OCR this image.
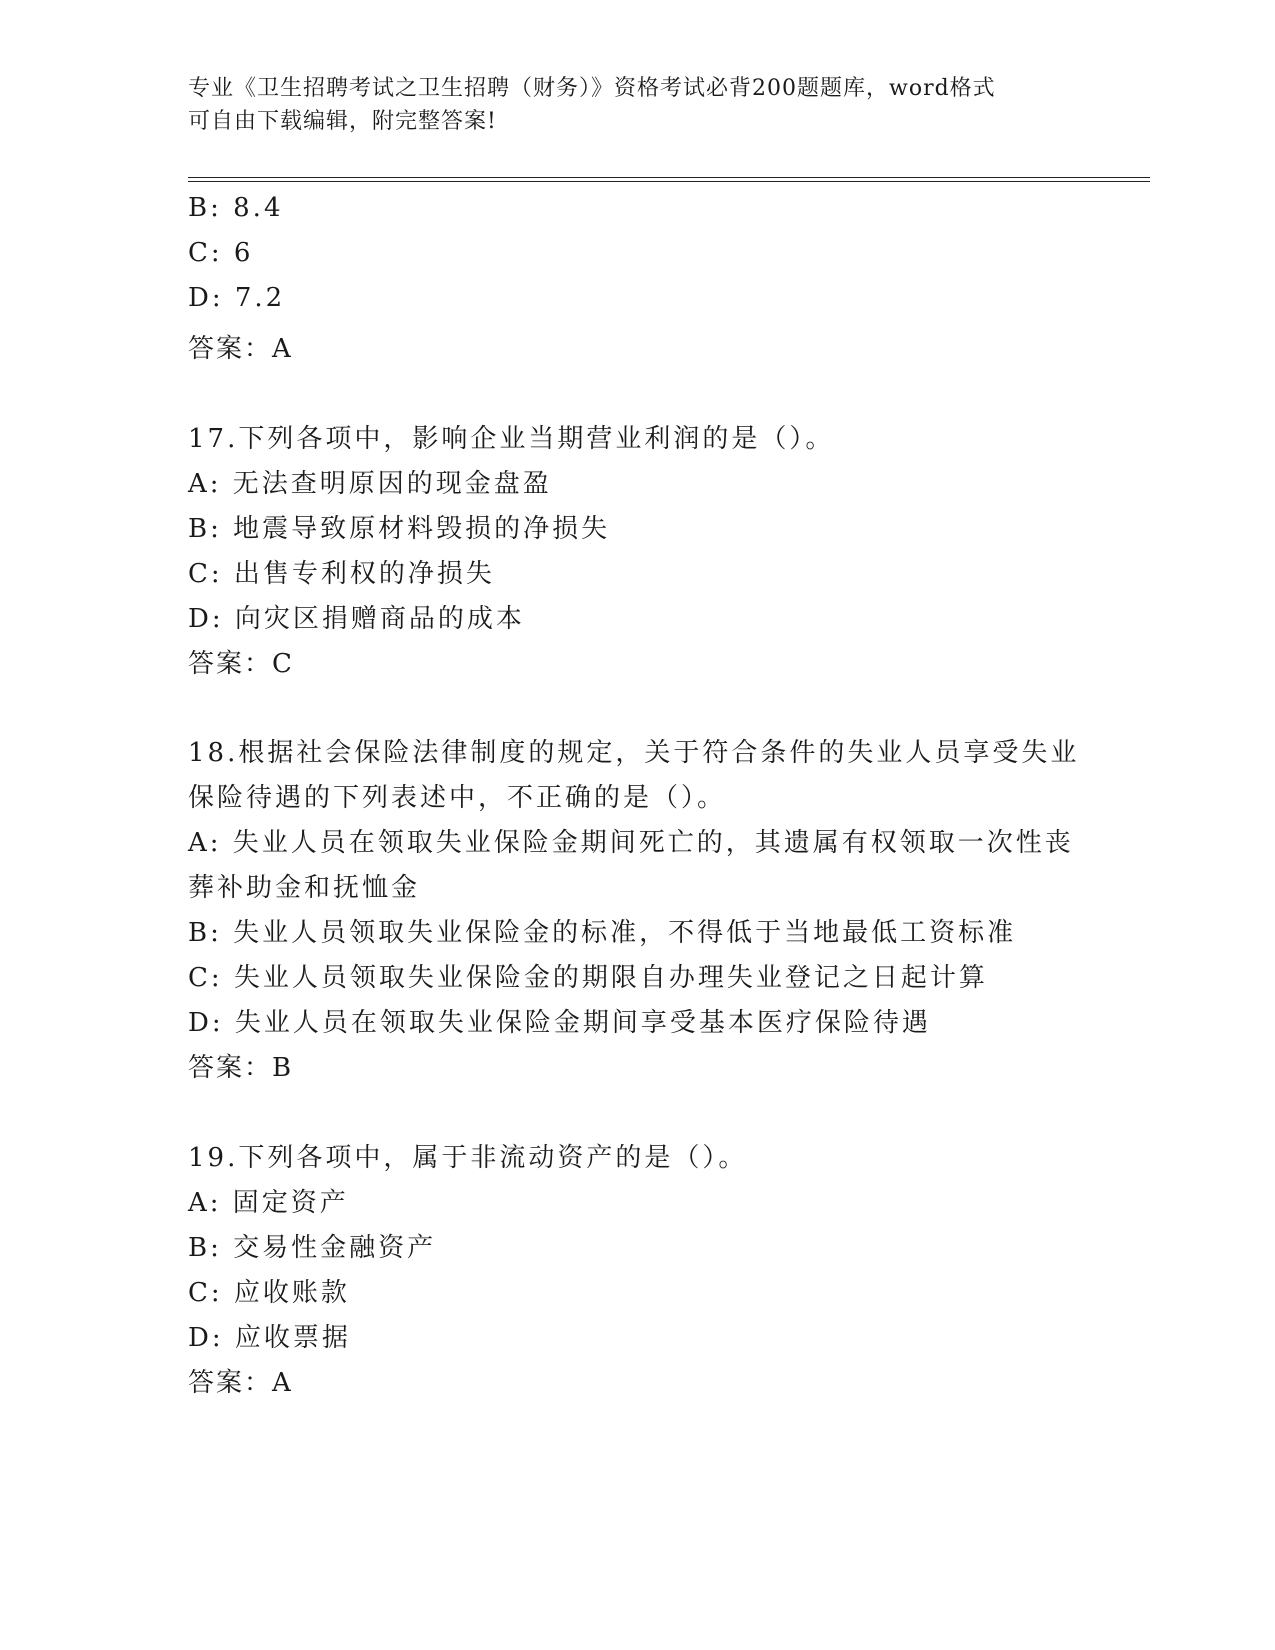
专业《卫生招聘考试之卫生招聘（财务）》资格考试必背200题题库，word格式
可自由下载编辑，附完整答案!
B: 8.4
C: 6
D: 7.2
答案：A
17.下列各项中，影响企业当期营业利润的是（）。
A: 无法查明原因的现金盘盈
B: 地震导致原材料毁损的净损失
C: 出售专利权的净损失
D: 向灾区捐赠商品的成本
答案：C
18.根据社会保险法律制度的规定，关于符合条件的失业人员享受失业
保险待遇的下列表述中，不正确的是（）。
A: 失业人员在领取失业保险金期间死亡的，其遗属有权领取一次性丧
葬补助金和抚恤金
B: 失业人员领取失业保险金的标准，不得低于当地最低工资标准
C: 失业人员领取失业保险金的期限自办理失业登记之日起计算
D: 失业人员在领取失业保险金期间享受基本医疗保险待遇
答案：B
19.下列各项中，属于非流动资产的是（）。
A: 固定资产
B: 交易性金融资产
C: 应收账款
D: 应收票据
答案：A
